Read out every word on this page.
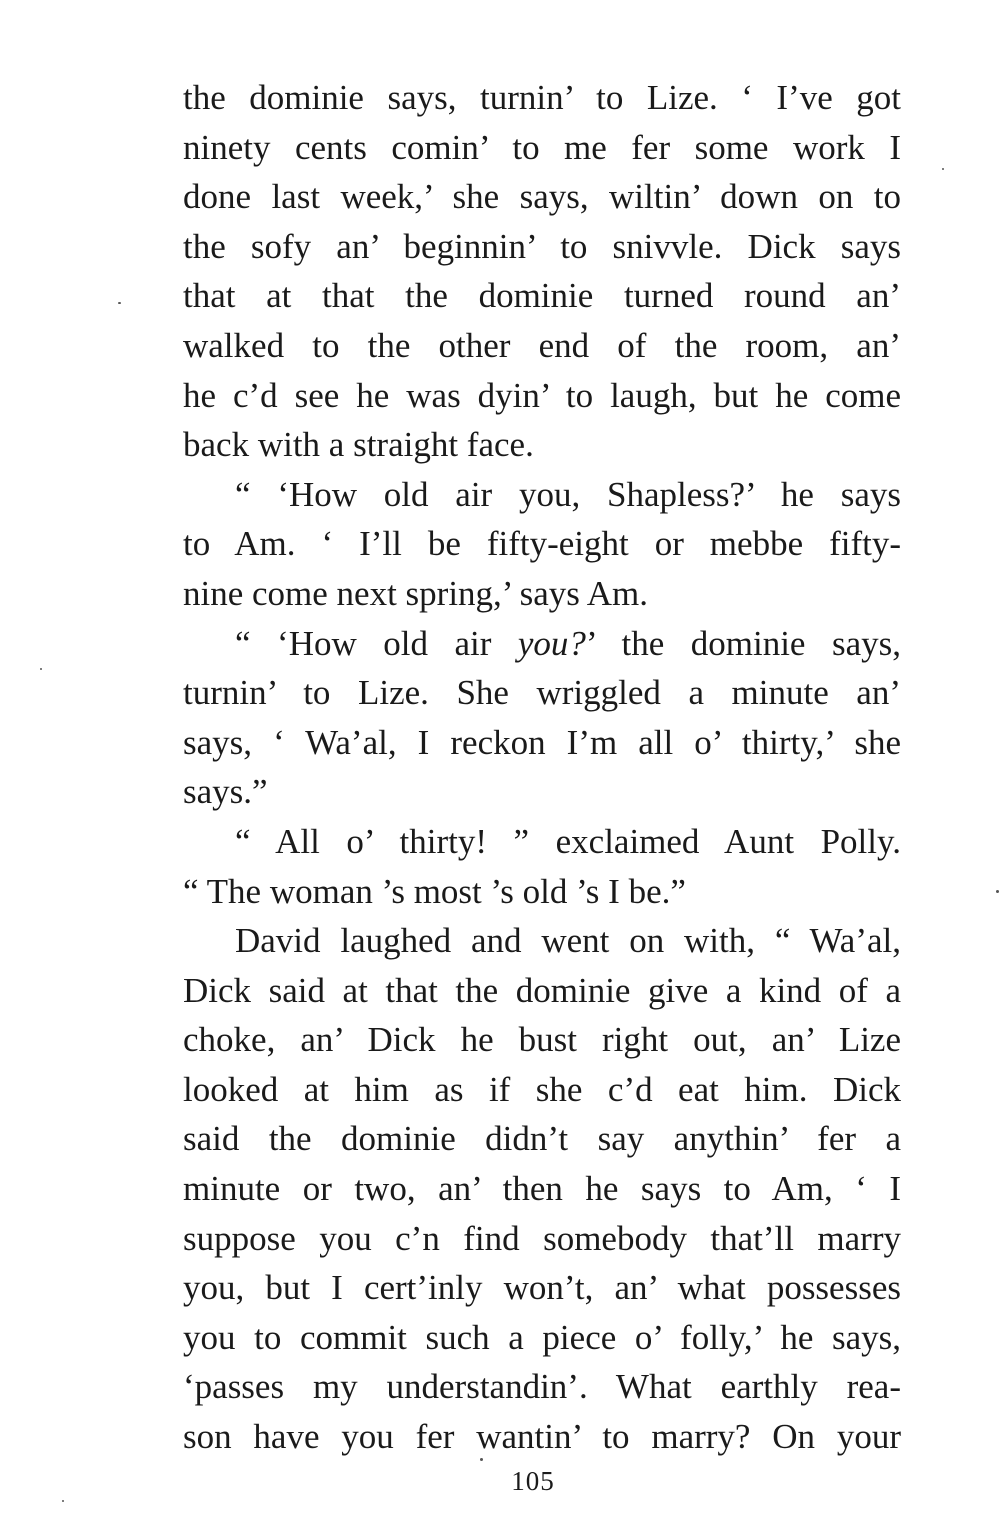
the dominie says, turnin’ to Lize. ‘ I’ve got
ninety cents comin’ to me fer some work I
done last week,’ she says, wiltin’ down on to
the sofy an’ beginnin’ to snivvle. Dick says
that at that the dominie turned round an’
walked to the other end of the room, an’
he c’d see he was dyin’ to laugh, but he come
back with a straight face.
“ ‘How old air you, Shapless?’ he says
to Am. ‘ I’ll be fifty-eight or mebbe fifty-
nine come next spring,’ says Am.
“ ‘How old air you?’ the dominie says,
turnin’ to Lize. She wriggled a minute an’
says, ‘ Wa’al, I reckon I’m all o’ thirty,’ she
says.”
“ All o’ thirty! ” exclaimed Aunt Polly.
“ The woman ’s most ’s old ’s I be.”
David laughed and went on with, “ Wa’al,
Dick said at that the dominie give a kind of a
choke, an’ Dick he bust right out, an’ Lize
looked at him as if she c’d eat him. Dick
said the dominie didn’t say anythin’ fer a
minute or two, an’ then he says to Am, ‘ I
suppose you c’n find somebody that’ll marry
you, but I cert’inly won’t, an’ what possesses
you to commit such a piece o’ folly,’ he says,
‘passes my understandin’. What earthly rea-
son have you fer wantin’ to marry? On your
105
